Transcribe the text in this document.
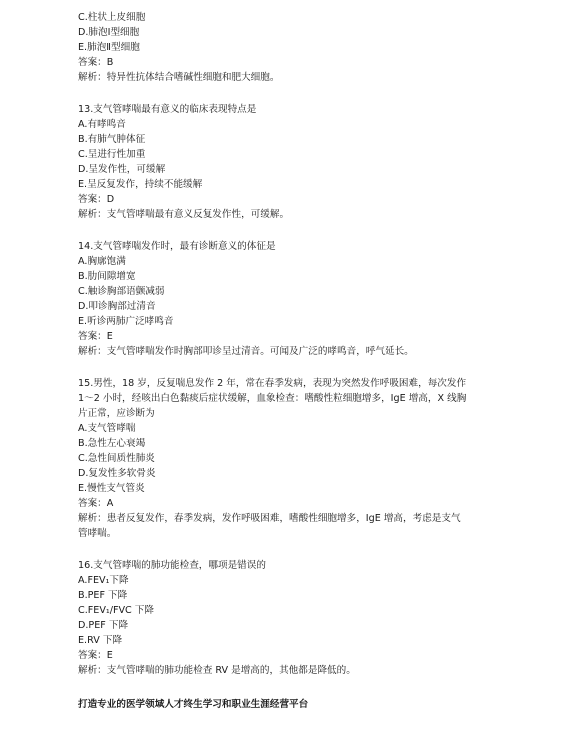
C.柱状上皮细胞
D.肺泡Ⅰ型细胞
E.肺泡Ⅱ型细胞
答案：B
解析：特异性抗体结合嗜碱性细胞和肥大细胞。
13.支气管哮喘最有意义的临床表现特点是
A.有哮鸣音
B.有肺气肿体征
C.呈进行性加重
D.呈发作性，可缓解
E.呈反复发作，持续不能缓解
答案：D
解析：支气管哮喘最有意义反复发作性，可缓解。
14.支气管哮喘发作时，最有诊断意义的体征是
A.胸廓饱满
B.肋间隙增宽
C.触诊胸部语颤减弱
D.叩诊胸部过清音
E.听诊两肺广泛哮鸣音
答案：E
解析：支气管哮喘发作时胸部叩诊呈过清音。可闻及广泛的哮鸣音，呼气延长。
15.男性，18 岁，反复喘息发作 2 年，常在春季发病，表现为突然发作呼吸困难，每次发作
1～2 小时，经咳出白色黏痰后症状缓解，血象检查：嗜酸性粒细胞增多，IgE 增高，X 线胸
片正常，应诊断为
A.支气管哮喘
B.急性左心衰竭
C.急性间质性肺炎
D.复发性多软骨炎
E.慢性支气管炎
答案：A
解析：患者反复发作，春季发病，发作呼吸困难，嗜酸性细胞增多，IgE 增高，考虑是支气
管哮喘。
16.支气管哮喘的肺功能检查，哪项是错误的
A.FEV₁下降
B.PEF 下降
C.FEV₁/FVC 下降
D.PEF 下降
E.RV 下降
答案：E
解析：支气管哮喘的肺功能检查 RV 是增高的，其他都是降低的。
打造专业的医学领域人才终生学习和职业生涯经营平台
